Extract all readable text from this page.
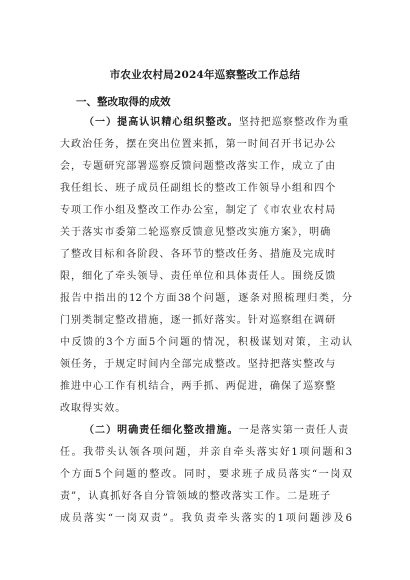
市农业农村局2024年巡察整改工作总结
一、整改取得的成效
（一）提高认识精心组织整改。坚持把巡察整改作为重
大政治任务，摆在突出位置来抓，第一时间召开书记办公
会，专题研究部署巡察反馈问题整改落实工作，成立了由
我任组长、班子成员任副组长的整改工作领导小组和四个
专项工作小组及整改工作办公室，制定了《市农业农村局
关于落实市委第二轮巡察反馈意见整改实施方案》，明确
了整改目标和各阶段、各环节的整改任务、措施及完成时
限，细化了牵头领导、责任单位和具体责任人。围绕反馈
报告中指出的12个方面38个问题，逐条对照梳理归类，分
门别类制定整改措施，逐一抓好落实。针对巡察组在调研
中反馈的3个方面5个问题的情况，积极谋划对策，主动认
领任务，于规定时间内全部完成整改。坚持把落实整改与
推进中心工作有机结合，两手抓、两促进，确保了巡察整
改取得实效。
（二）明确责任细化整改措施。一是落实第一责任人责
任。我带头认领各项问题，并亲自牵头落实好1项问题和3
个方面5个问题的整改。同时，要求班子成员落实“一岗双
责”，认真抓好各自分管领域的整改落实工作。二是班子
成员落实“一岗双责”。我负责牵头落实的1项问题涉及6
